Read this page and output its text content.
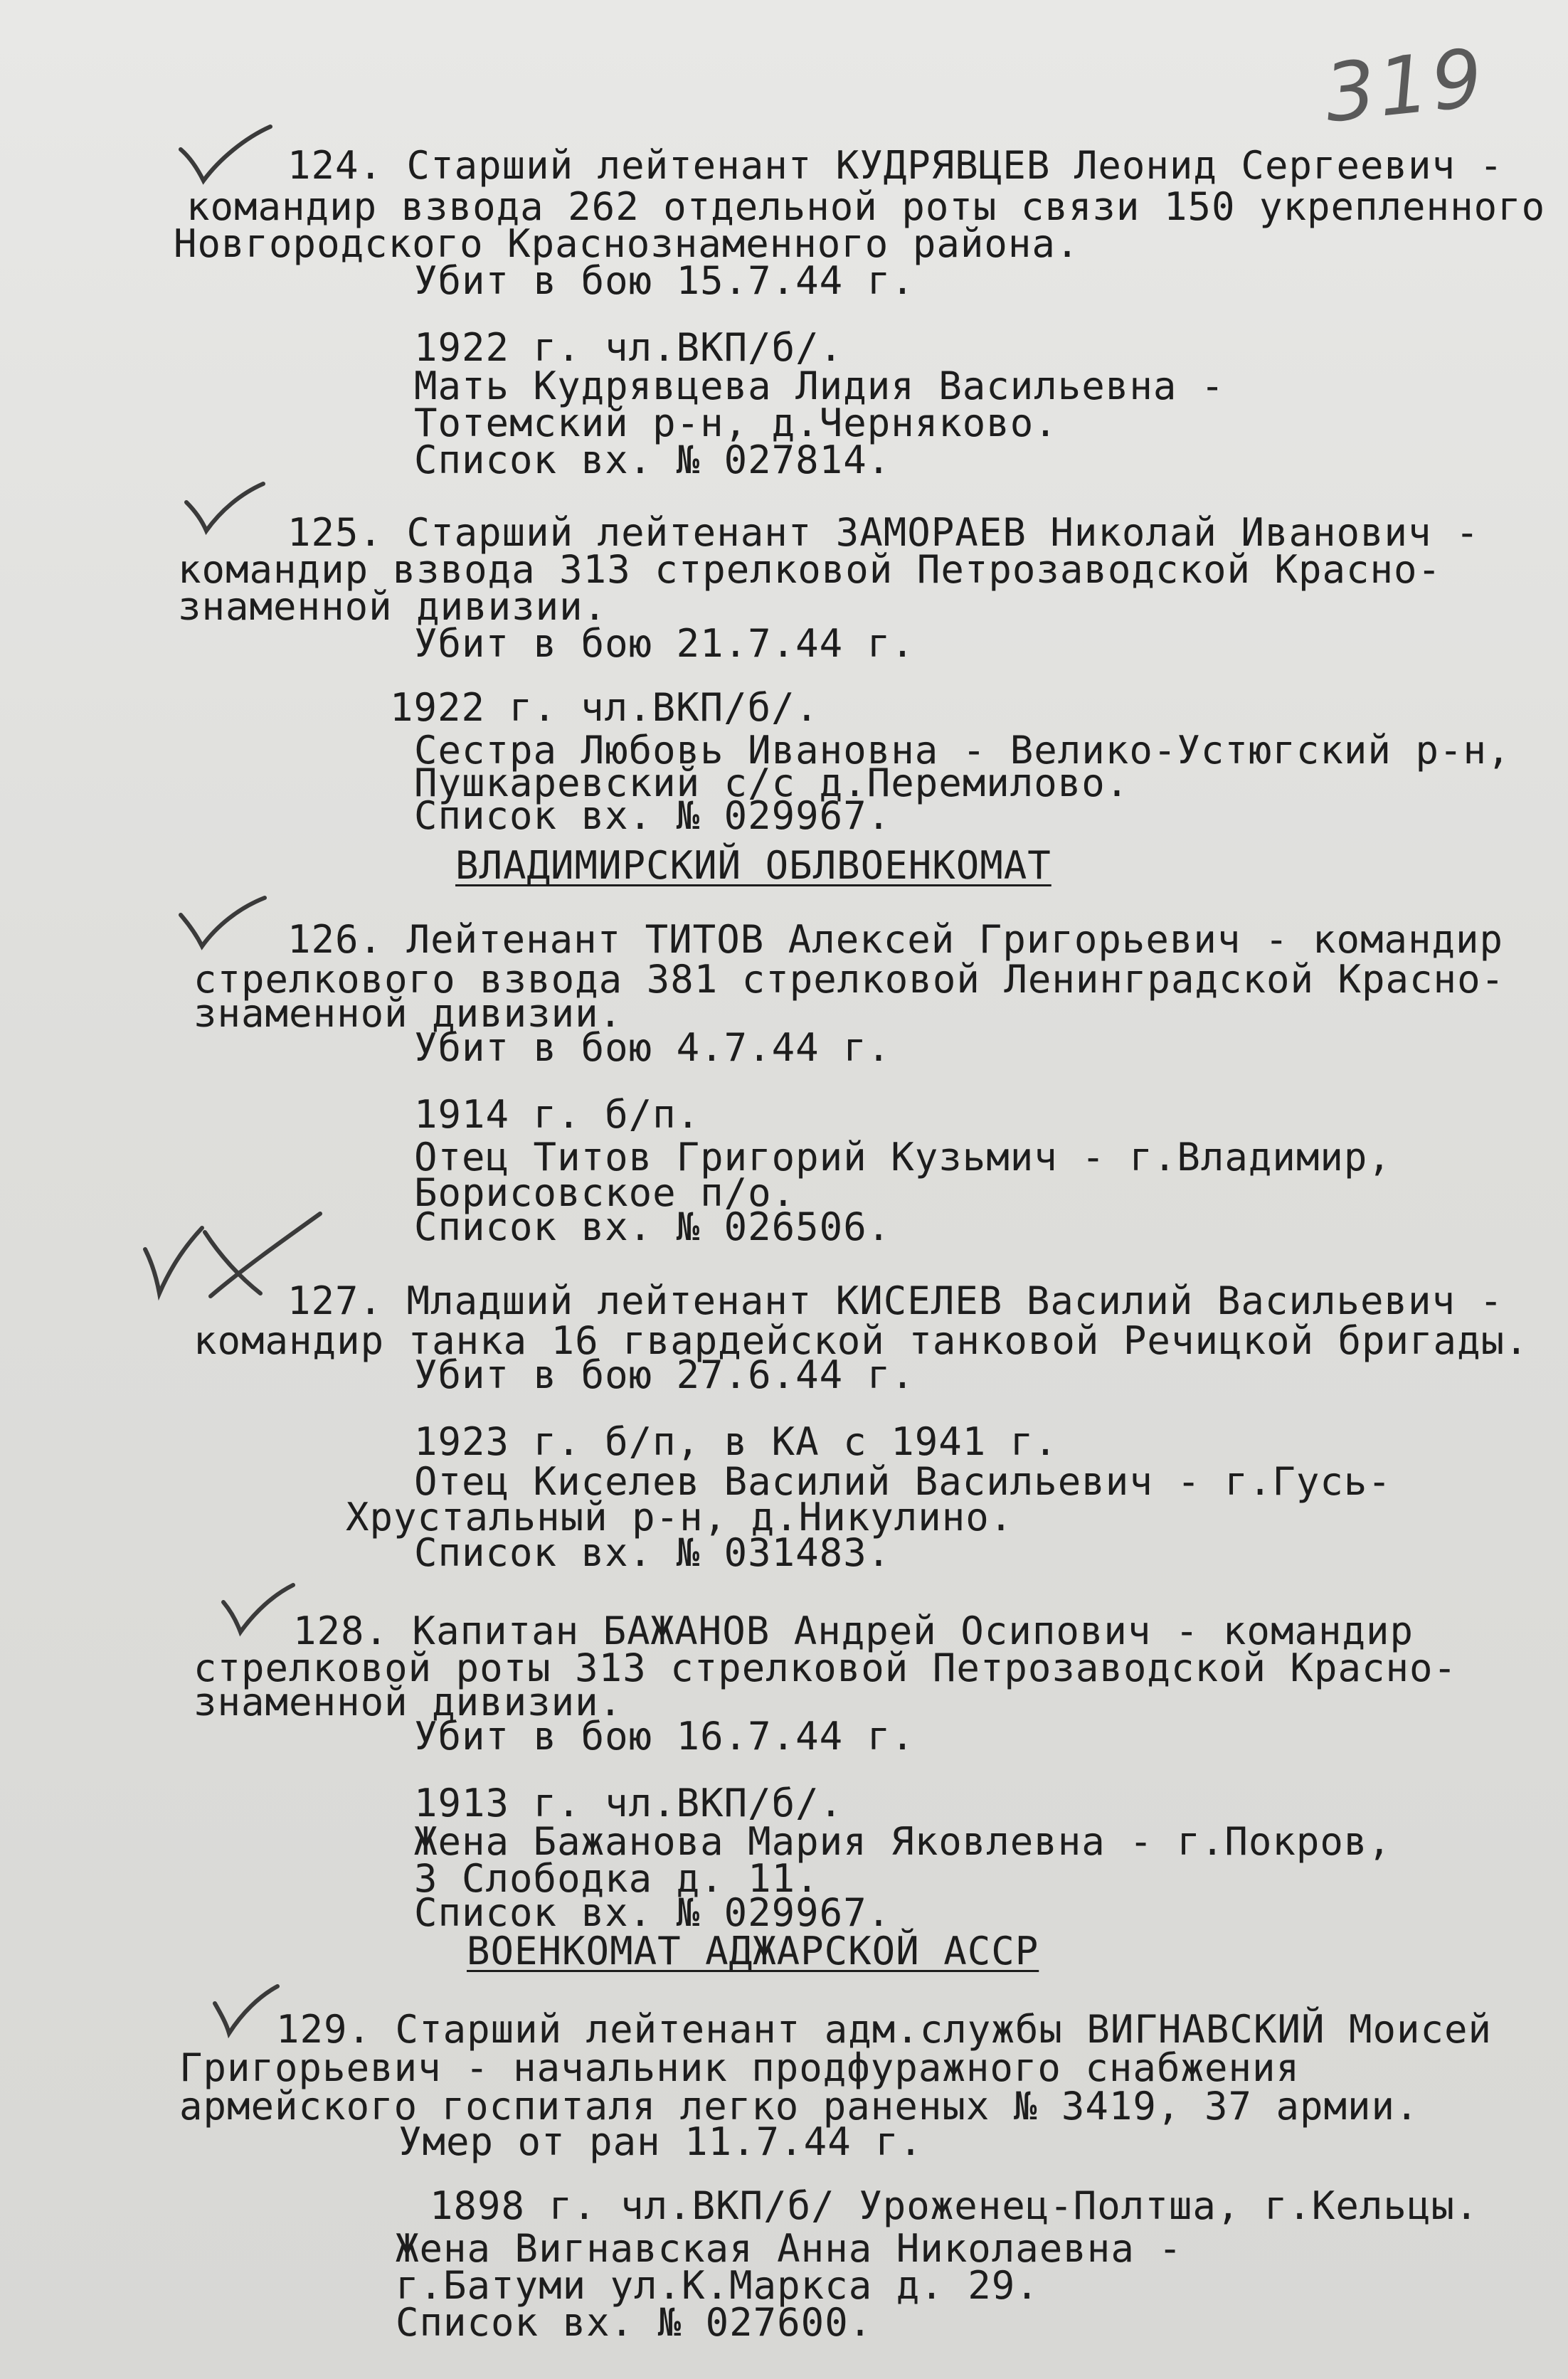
319
124. Старший лейтенант КУДРЯВЦЕВ Леонид Сергеевич -
командир взвода 262 отдельной роты связи 150 укрепленного
Новгородского Краснознаменного района.
Убит в бою 15.7.44 г.
1922 г. чл.ВКП/б/.
Мать Кудрявцева Лидия Васильевна -
Тотемский р-н, д.Черняково.
Список вх. № 027814.
125. Старший лейтенант ЗАМОРАЕВ Николай Иванович -
командир взвода 313 стрелковой Петрозаводской Красно-
знаменной дивизии.
Убит в бою 21.7.44 г.
1922 г. чл.ВКП/б/.
Сестра Любовь Ивановна - Велико-Устюгский р-н,
Пушкаревский с/с д.Перемилово.
Список вх. № 029967.
ВЛАДИМИРСКИЙ ОБЛВОЕНКОМАТ
126. Лейтенант ТИТОВ Алексей Григорьевич - командир
стрелкового взвода 381 стрелковой Ленинградской Красно-
знаменной дивизии.
Убит в бою 4.7.44 г.
1914 г. б/п.
Отец Титов Григорий Кузьмич - г.Владимир,
Борисовское п/о.
Список вх. № 026506.
127. Младший лейтенант КИСЕЛЕВ Василий Васильевич -
командир танка 16 гвардейской танковой Речицкой бригады.
Убит в бою 27.6.44 г.
1923 г. б/п, в КА с 1941 г.
Отец Киселев Василий Васильевич - г.Гусь-
Хрустальный р-н, д.Никулино.
Список вх. № 031483.
128. Капитан БАЖАНОВ Андрей Осипович - командир
стрелковой роты 313 стрелковой Петрозаводской Красно-
знаменной дивизии.
Убит в бою 16.7.44 г.
1913 г. чл.ВКП/б/.
Жена Бажанова Мария Яковлевна - г.Покров,
3 Слободка д. 11.
Список вх. № 029967.
ВОЕНКОМАТ АДЖАРСКОЙ АССР
129. Старший лейтенант адм.службы ВИГНАВСКИЙ Моисей
Григорьевич - начальник продфуражного снабжения
армейского госпиталя легко раненых № 3419, 37 армии.
Умер от ран 11.7.44 г.
1898 г. чл.ВКП/б/ Уроженец-Полтша, г.Кельцы.
Жена Вигнавская Анна Николаевна -
г.Батуми ул.К.Маркса д. 29.
Список вх. № 027600.
